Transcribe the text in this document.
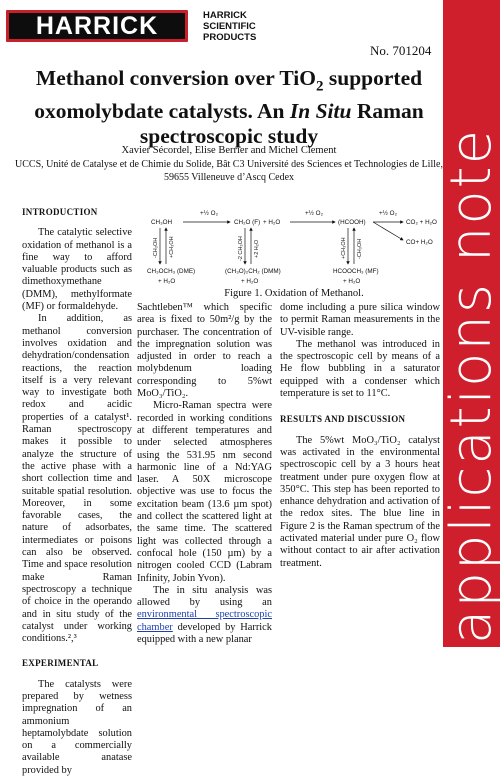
HARRICK	HARRICK
SCIENTIFIC
PRODUCTS
No. 701204
applications note
Methanol conversion over TiO$_2$ supported
oxomolybdate catalysts. An In Situ Raman
spectroscopic study
Xavier Sécordel, Elise Berrier and Michel Clement
UCCS, Unité de Catalyse et de Chimie du Solide, Bât C3 Université des Sciences et Technologies de Lille,
59655 Villeneuve d’Ascq Cedex
INTRODUCTION

The catalytic selective oxidation of methanol is a fine way to afford valuable products such as dimethoxymethane (DMM), methylformate (MF) or formaldehyde.

In addition, as methanol conversion involves oxidation and dehydration/condensation reactions, the reaction itself is a very relevant way to investigate both redox and acidic properties of a catalyst¹. Raman spectroscopy makes it possible to analyze the structure of the active phase with a short collection time and suitable spatial resolution. Moreover, in some favorable cases, the nature of adsorbates, intermediates or poisons can also be observed. Time and space resolution make Raman spectroscopy a technique of choice in the operando and in situ study of the catalyst under working conditions.²,³

EXPERIMENTAL

The catalysts were prepared by wetness impregnation of an ammonium heptamolybdate solution on a commercially available anatase provided by

CH₃OH
+½ O₂
CH₂O (F) + H₂O
+½ O₂
(HCOOH)
+½ O₂
CO₂ + H₂O
CO+ H₂O
-CH₃OH +CH₃OH	-2 CH₃OH +2 H₂O	+CH₃OH -CH₃OH
CH₃OCH₃ (DME)
+ H₂O
(CH₃O)₂CH₂ (DMM)
+ H₂O
HCOOCH₃ (MF)
+ H₂O
Figure 1. Oxidation of Methanol.

Sachtleben™ which specific area is fixed to 50m²/g by the purchaser. The concentration of the impregnation solution was adjusted in order to reach a molybdenum loading corresponding to 5%wt MoO₃/TiO₂.

Micro-Raman spectra were recorded in working conditions at different temperatures and under selected atmospheres using the 531.95 nm second harmonic line of a Nd:YAG laser. A 50X microscope objective was use to focus the excitation beam (13.6 µm spot) and collect the scattered light at the same time. The scattered light was collected through a confocal hole (150 µm) by a nitrogen cooled CCD (Labram Infinity, Jobin Yvon).

The in situ analysis was allowed by using an environmental spectroscopic chamber developed by Harrick equipped with a new planar

dome including a pure silica window to permit Raman measurements in the UV-visible range.

The methanol was introduced in the spectroscopic cell by means of a He flow bubbling in a saturator equipped with a condenser which temperature is set to 11°C.

RESULTS AND DISCUSSION

The 5%wt MoO₃/TiO₂ catalyst was activated in the environmental spectroscopic cell by a 3 hours heat treatment under pure oxygen flow at 350°C. This step has been reported to enhance dehydration and activation of the redox sites. The blue line in Figure 2 is the Raman spectrum of the activated material under pure O₂ flow without contact to air after activation treatment.
